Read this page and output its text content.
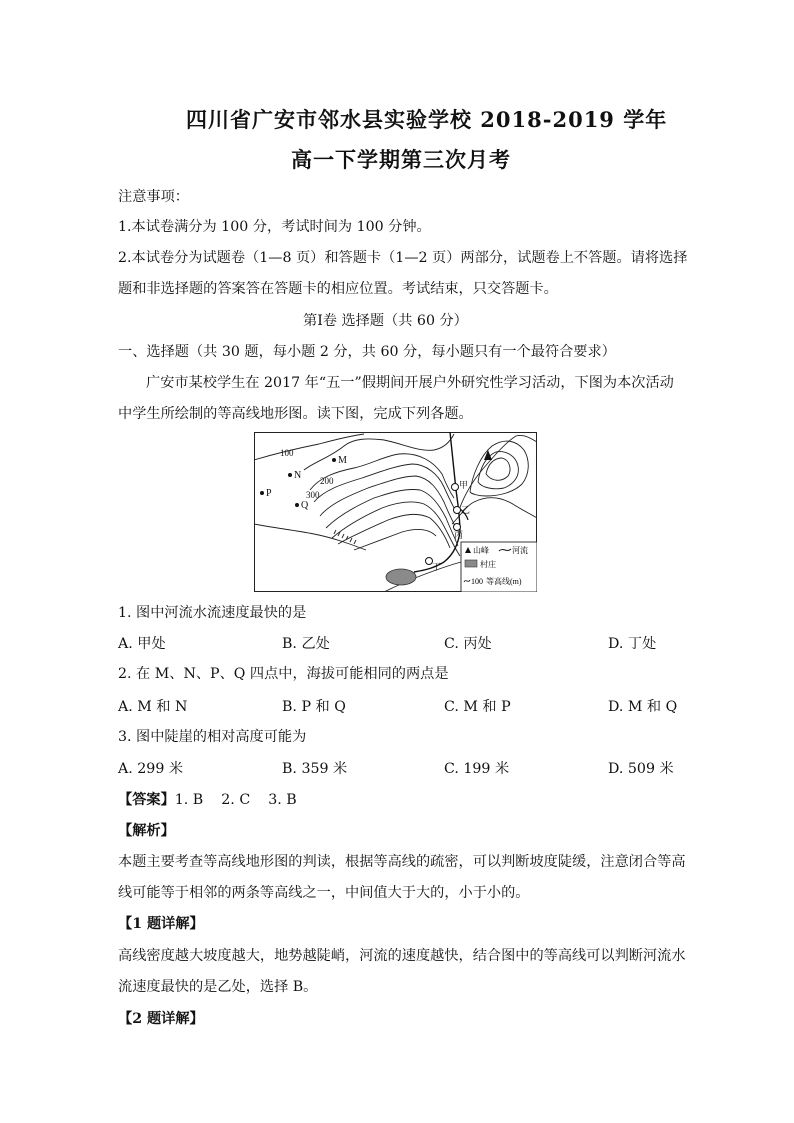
四川省广安市邻水县实验学校 2018-2019 学年
高一下学期第三次月考
注意事项：
1.本试卷满分为 100 分，考试时间为 100 分钟。
2.本试卷分为试题卷（1—8 页）和答题卡（1—2 页）两部分，试题卷上不答题。请将选择
题和非选择题的答案答在答题卡的相应位置。考试结束，只交答题卡。
第Ⅰ卷 选择题（共 60 分）
一、选择题（共 30 题，每小题 2 分，共 60 分，每小题只有一个最符合要求）
广安市某校学生在 2017 年“五一”假期间开展户外研究性学习活动，下图为本次活动
中学生所绘制的等高线地形图。读下图，完成下列各题。
M
N
P
Q
100
200
300
甲
乙
丙
丁
山峰	河流
村庄
100 等高线(m)
1. 图中河流水流速度最快的是
A. 甲处	B. 乙处	C. 丙处	D. 丁处
2. 在 M、N、P、Q 四点中，海拔可能相同的两点是
A. M 和 N	B. P 和 Q	C. M 和 P	D. M 和 Q
3. 图中陡崖的相对高度可能为
A. 299 米	B. 359 米	C. 199 米	D. 509 米
【答案】1. B    2. C    3. B
【解析】
本题主要考查等高线地形图的判读，根据等高线的疏密，可以判断坡度陡缓，注意闭合等高
线可能等于相邻的两条等高线之一，中间值大于大的，小于小的。
【1 题详解】
高线密度越大坡度越大，地势越陡峭，河流的速度越快，结合图中的等高线可以判断河流水
流速度最快的是乙处，选择 B。
【2 题详解】
